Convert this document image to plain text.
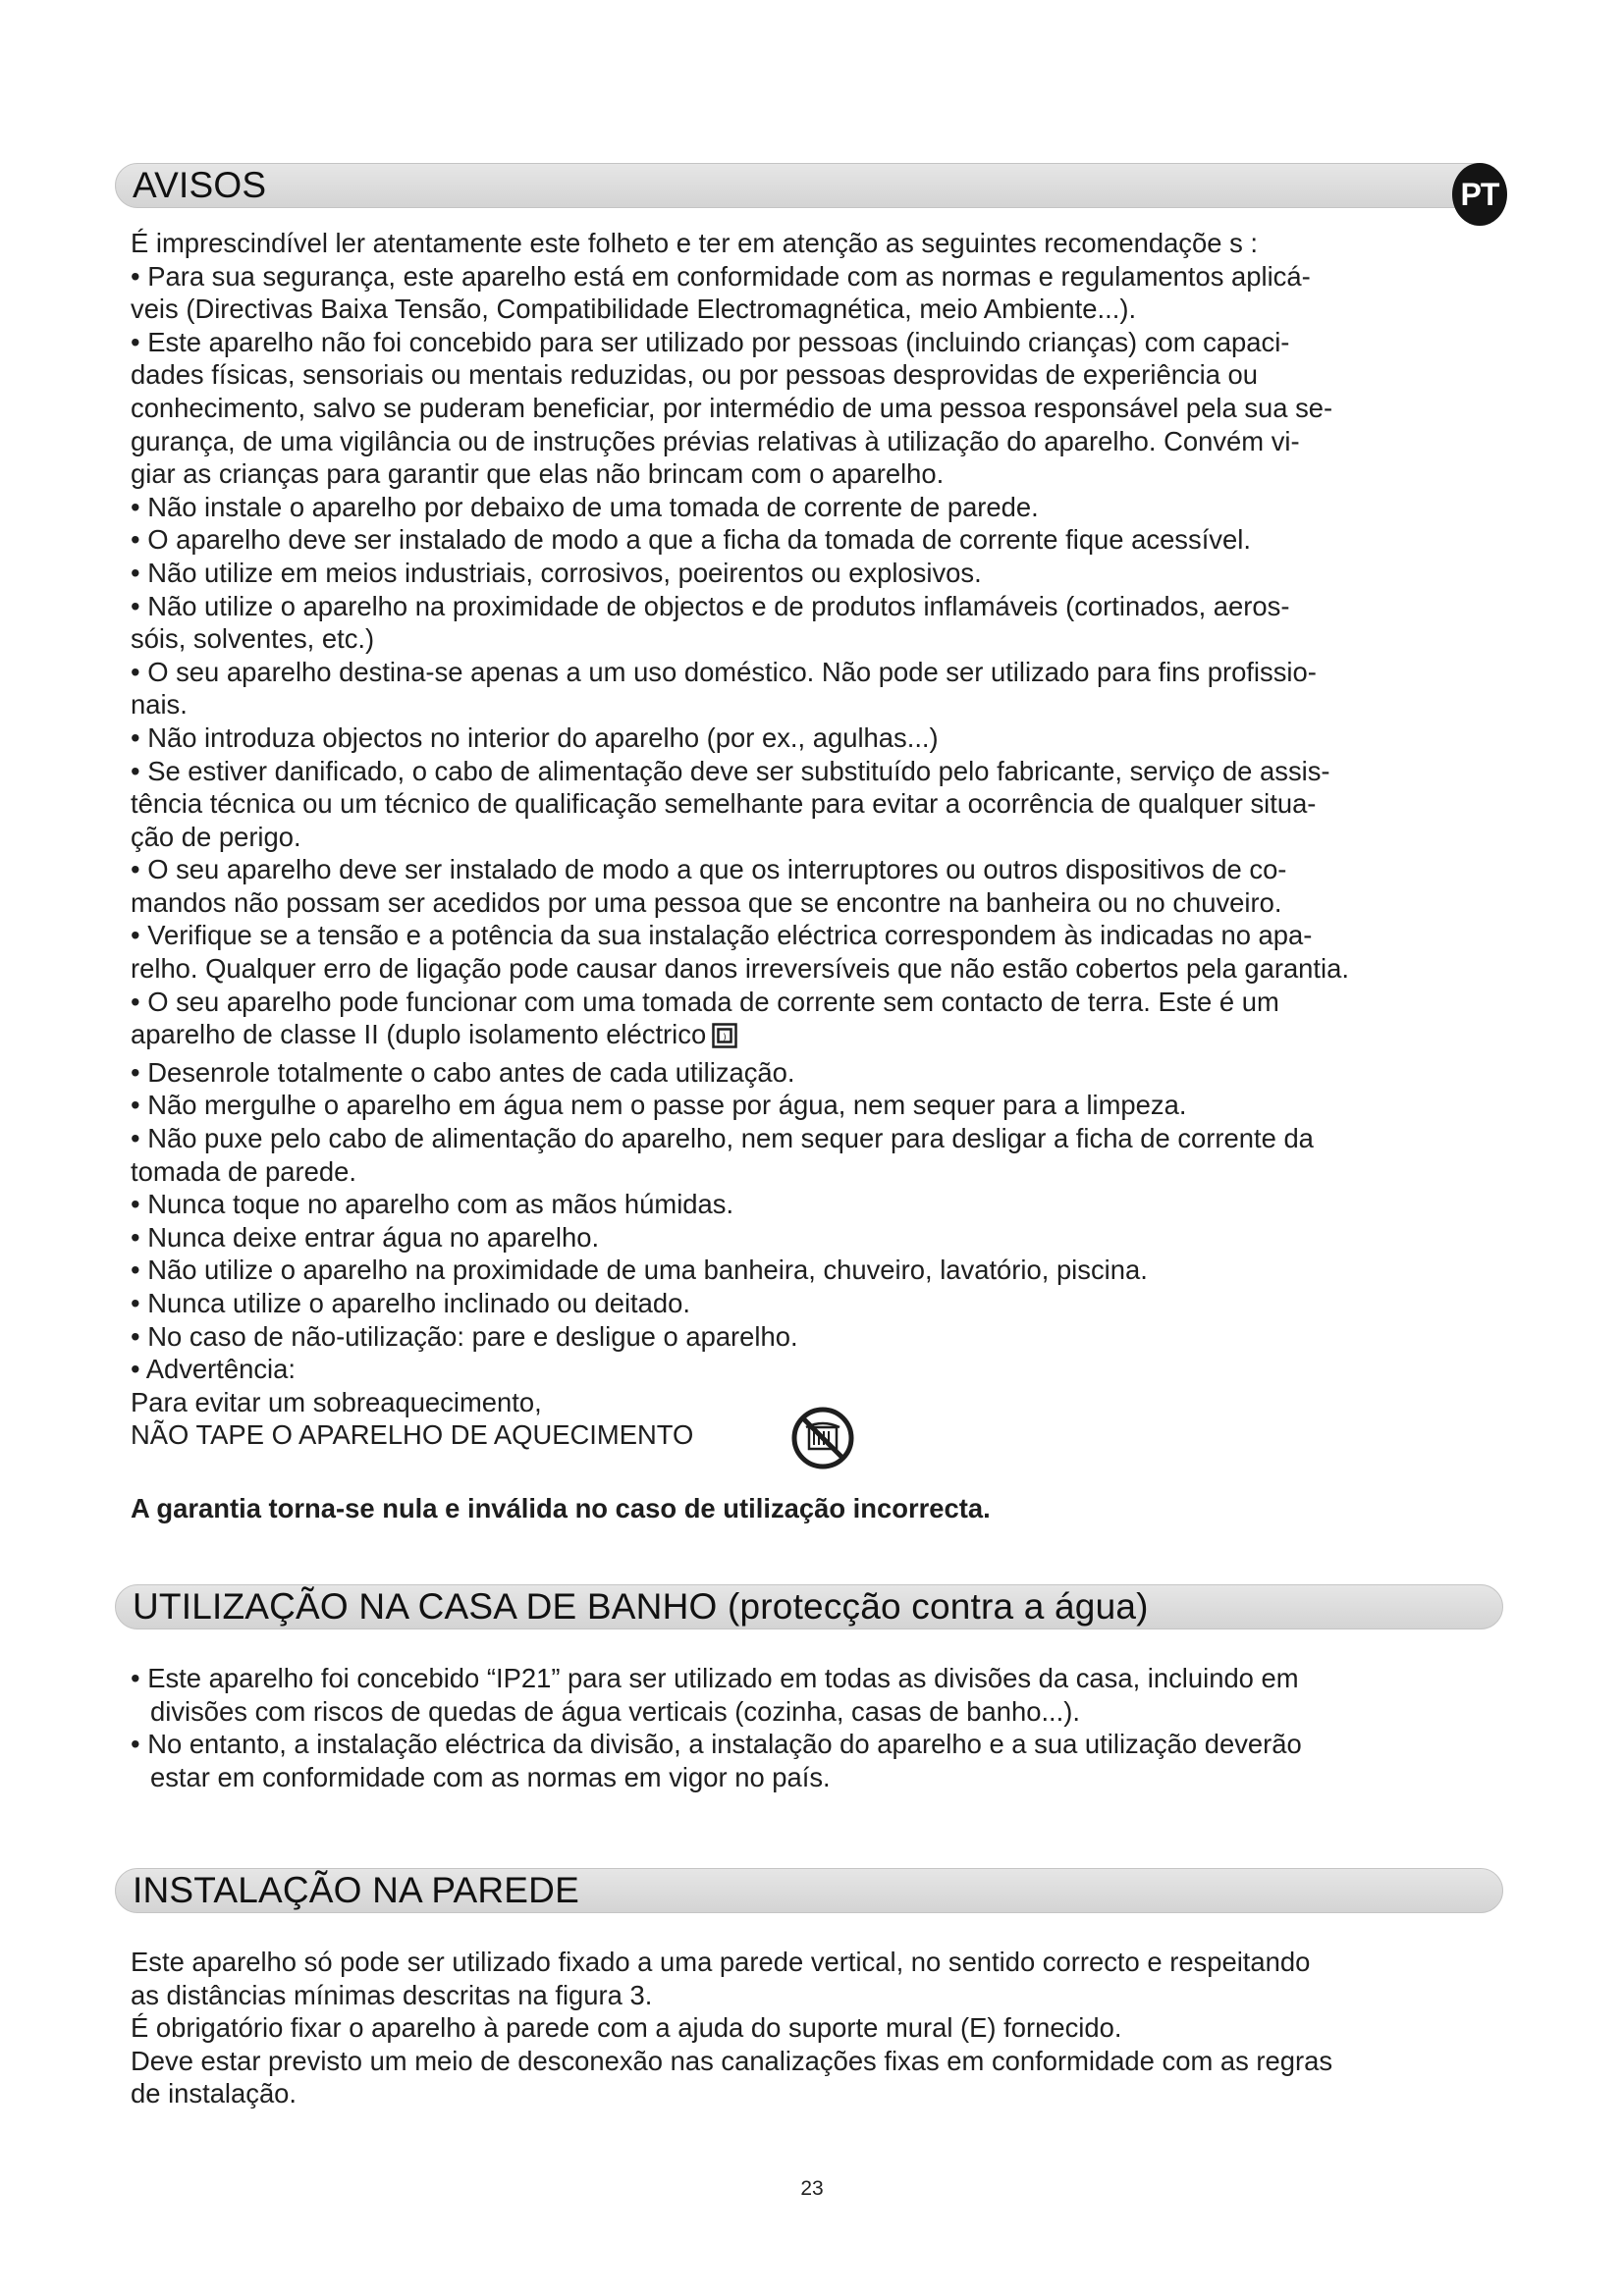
AVISOS	PT

É imprescindível ler atentamente este folheto e ter em atenção as seguintes recomendaçõe s :

• Para sua segurança, este aparelho está em conformidade com as normas e regulamentos aplicá-

veis (Directivas Baixa Tensão, Compatibilidade Electromagnética, meio Ambiente...).

• Este aparelho não foi concebido para ser utilizado por pessoas (incluindo crianças) com capaci-

dades físicas, sensoriais ou mentais reduzidas, ou por pessoas desprovidas de experiência ou

conhecimento, salvo se puderam beneficiar, por intermédio de uma pessoa responsável pela sua se-

gurança, de uma vigilância ou de instruções prévias relativas à utilização do aparelho. Convém vi-

giar as crianças para garantir que elas não brincam com o aparelho.

• Não instale o aparelho por debaixo de uma tomada de corrente de parede.

• O aparelho deve ser instalado de modo a que a ficha da tomada de corrente fique acessível.

• Não utilize em meios industriais, corrosivos, poeirentos ou explosivos.

• Não utilize o aparelho na proximidade de objectos e de produtos inflamáveis (cortinados, aeros-

sóis, solventes, etc.)

• O seu aparelho destina-se apenas a um uso doméstico. Não pode ser utilizado para fins profissio-

nais.

• Não introduza objectos no interior do aparelho (por ex., agulhas...)

• Se estiver danificado, o cabo de alimentação deve ser substituído pelo fabricante, serviço de assis-

tência técnica ou um técnico de qualificação semelhante para evitar a ocorrência de qualquer situa-

ção de perigo.

• O seu aparelho deve ser instalado de modo a que os interruptores ou outros dispositivos de co-

mandos não possam ser acedidos por uma pessoa que se encontre na banheira ou no chuveiro.

• Verifique se a tensão e a potência da sua instalação eléctrica correspondem às indicadas no apa-

relho. Qualquer erro de ligação pode causar danos irreversíveis que não estão cobertos pela garantia.

• O seu aparelho pode funcionar com uma tomada de corrente sem contacto de terra. Este é um

aparelho de classe II (duplo isolamento eléctrico )

• Desenrole totalmente o cabo antes de cada utilização.

• Não mergulhe o aparelho em água nem o passe por água, nem sequer para a limpeza.

• Não puxe pelo cabo de alimentação do aparelho, nem sequer para desligar a ficha de corrente da

tomada de parede.

• Nunca toque no aparelho com as mãos húmidas.

• Nunca deixe entrar água no aparelho.

• Não utilize o aparelho na proximidade de uma banheira, chuveiro, lavatório, piscina.

• Nunca utilize o aparelho inclinado ou deitado.

• No caso de não-utilização: pare e desligue o aparelho.

• Advertência:

Para evitar um sobreaquecimento,

NÃO TAPE O APARELHO DE AQUECIMENTO

A garantia torna-se nula e inválida no caso de utilização incorrecta.

UTILIZAÇÃO NA CASA DE BANHO (protecção contra a água)

• Este aparelho foi concebido “IP21” para ser utilizado em todas as divisões da casa, incluindo em

divisões com riscos de quedas de água verticais (cozinha, casas de banho...).

• No entanto, a instalação eléctrica da divisão, a instalação do aparelho e a sua utilização deverão

estar em conformidade com as normas em vigor no país.

INSTALAÇÃO NA PAREDE

Este aparelho só pode ser utilizado fixado a uma parede vertical, no sentido correcto e respeitando

as distâncias mínimas descritas na figura 3.

É obrigatório fixar o aparelho à parede com a ajuda do suporte mural (E) fornecido.

Deve estar previsto um meio de desconexão nas canalizações fixas em conformidade com as regras

de instalação.

23
